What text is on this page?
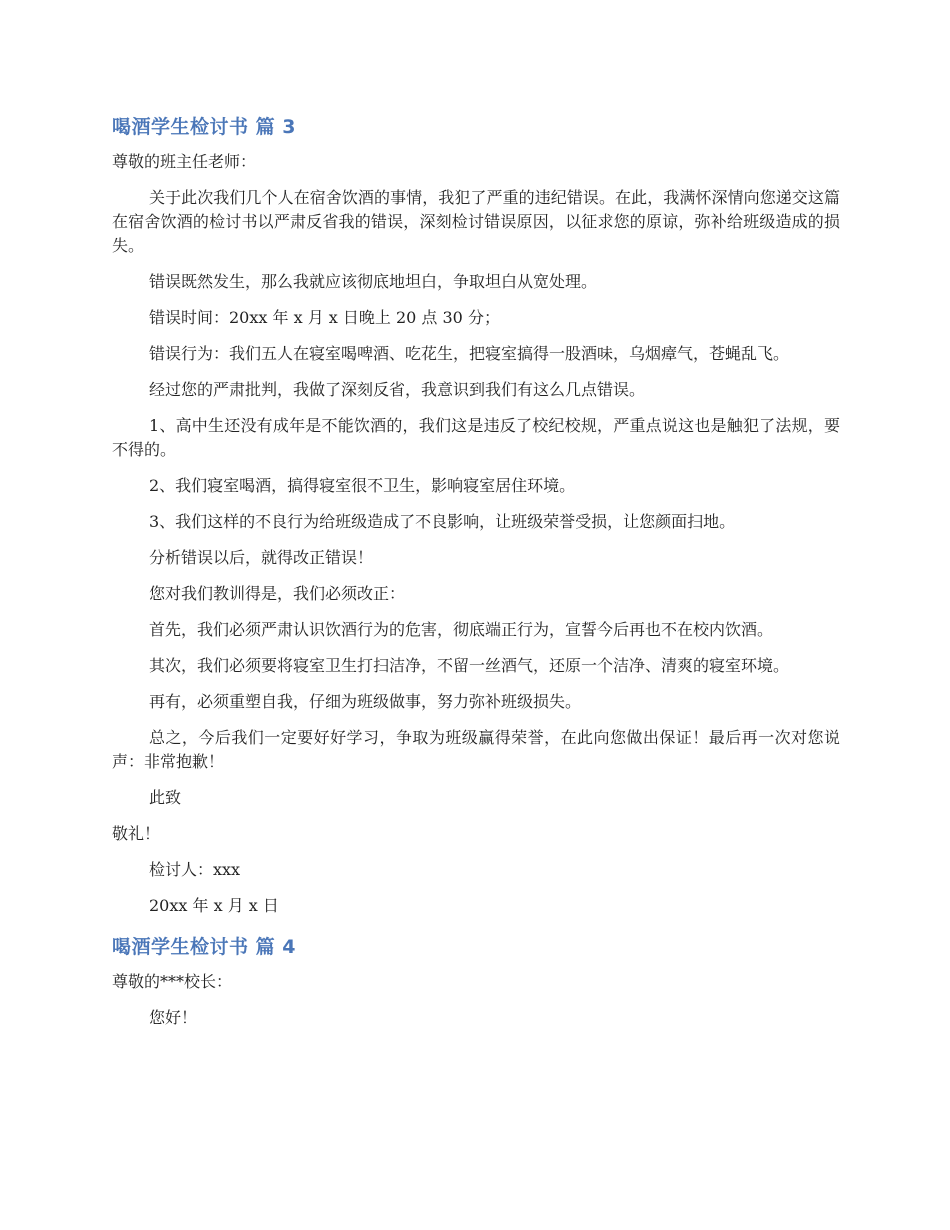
喝酒学生检讨书 篇 3
尊敬的班主任老师：
关于此次我们几个人在宿舍饮酒的事情，我犯了严重的违纪错误。在此，我满怀深情向您递交这篇在宿舍饮酒的检讨书以严肃反省我的错误，深刻检讨错误原因，以征求您的原谅，弥补给班级造成的损失。
错误既然发生，那么我就应该彻底地坦白，争取坦白从宽处理。
错误时间：20xx 年 x 月 x 日晚上 20 点 30 分；
错误行为：我们五人在寝室喝啤酒、吃花生，把寝室搞得一股酒味，乌烟瘴气，苍蝇乱飞。
经过您的严肃批判，我做了深刻反省，我意识到我们有这么几点错误。
1、高中生还没有成年是不能饮酒的，我们这是违反了校纪校规，严重点说这也是触犯了法规，要不得的。
2、我们寝室喝酒，搞得寝室很不卫生，影响寝室居住环境。
3、我们这样的不良行为给班级造成了不良影响，让班级荣誉受损，让您颜面扫地。
分析错误以后，就得改正错误！
您对我们教训得是，我们必须改正：
首先，我们必须严肃认识饮酒行为的危害，彻底端正行为，宣誓今后再也不在校内饮酒。
其次，我们必须要将寝室卫生打扫洁净，不留一丝酒气，还原一个洁净、清爽的寝室环境。
再有，必须重塑自我，仔细为班级做事，努力弥补班级损失。
总之，今后我们一定要好好学习，争取为班级赢得荣誉，在此向您做出保证！最后再一次对您说声：非常抱歉！
此致
敬礼！
检讨人：xxx
20xx 年 x 月 x 日
喝酒学生检讨书 篇 4
尊敬的***校长：
您好！
